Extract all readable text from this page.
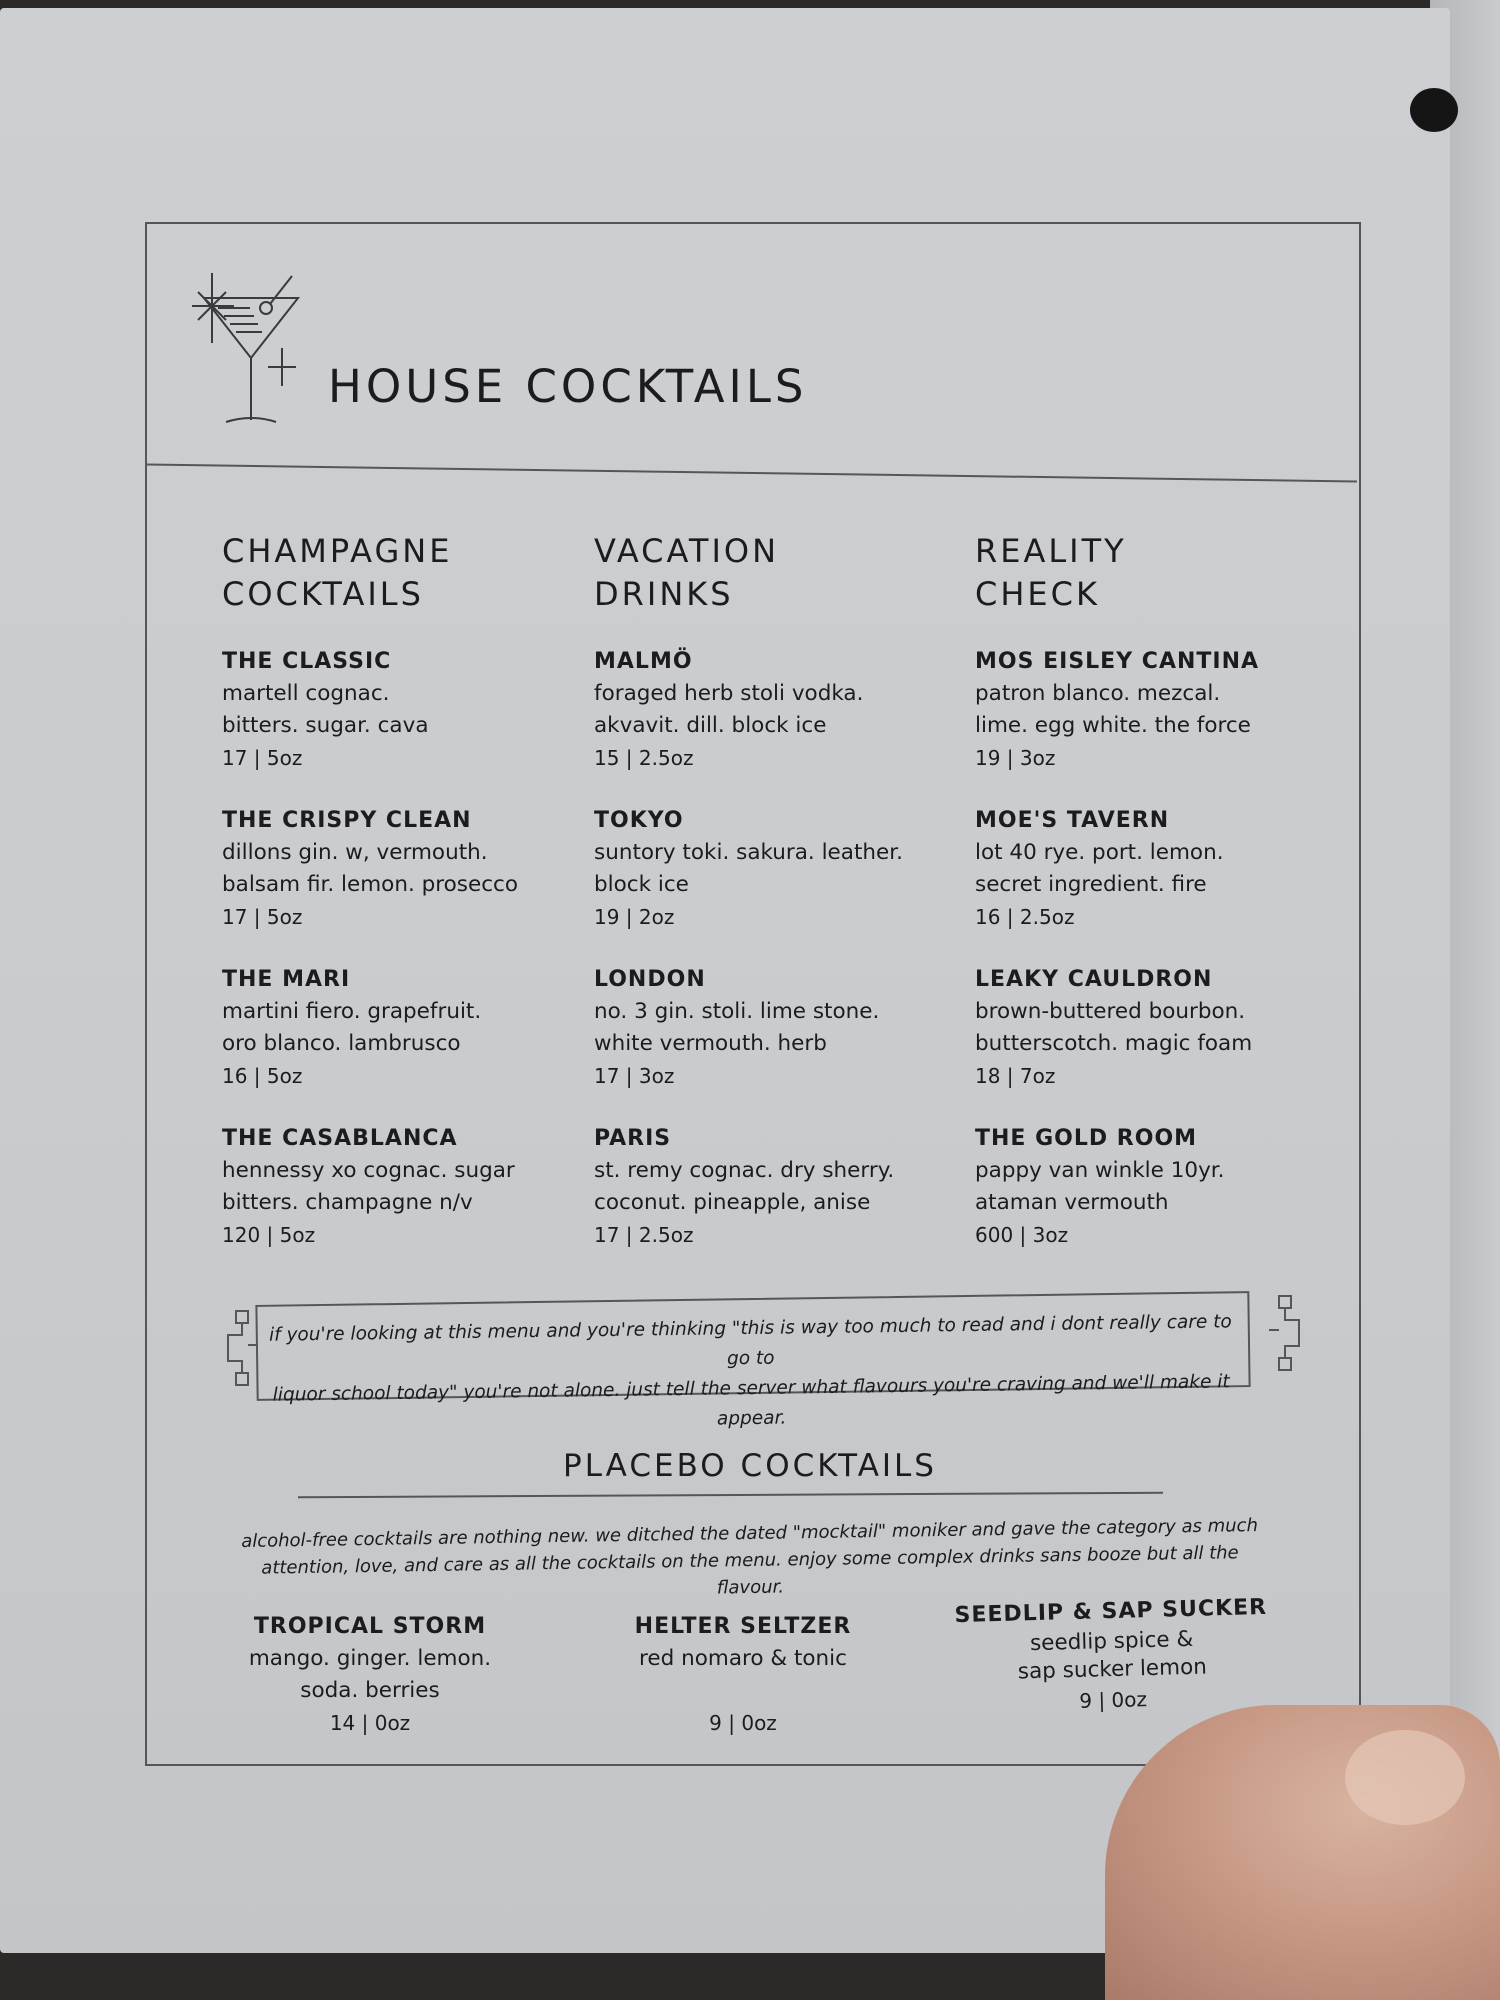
HOUSE COCKTAILS
CHAMPAGNE
COCKTAILS
THE CLASSIC
martell cognac.
bitters. sugar. cava
17 | 5oz
THE CRISPY CLEAN
dillons gin. w, vermouth.
balsam fir. lemon. prosecco
17 | 5oz
THE MARI
martini fiero. grapefruit.
oro blanco. lambrusco
16 | 5oz
THE CASABLANCA
hennessy xo cognac. sugar
bitters. champagne n/v
120 | 5oz
VACATION
DRINKS
MALMÖ
foraged herb stoli vodka.
akvavit. dill. block ice
15 | 2.5oz
TOKYO
suntory toki. sakura. leather.
block ice
19 | 2oz
LONDON
no. 3 gin. stoli. lime stone.
white vermouth. herb
17 | 3oz
PARIS
st. remy cognac. dry sherry.
coconut. pineapple, anise
17 | 2.5oz
REALITY
CHECK
MOS EISLEY CANTINA
patron blanco. mezcal.
lime. egg white. the force
19 | 3oz
MOE'S TAVERN
lot 40 rye. port. lemon.
secret ingredient. fire
16 | 2.5oz
LEAKY CAULDRON
brown-buttered bourbon.
butterscotch. magic foam
18 | 7oz
THE GOLD ROOM
pappy van winkle 10yr.
ataman vermouth
600 | 3oz
if you're looking at this menu and you're thinking "this is way too much to read and i dont really care to go to
liquor school today" you're not alone. just tell the server what flavours you're craving and we'll make it appear.
PLACEBO COCKTAILS
alcohol-free cocktails are nothing new. we ditched the dated "mocktail" moniker and gave the category as much
attention, love, and care as all the cocktails on the menu. enjoy some complex drinks sans booze but all the flavour.
TROPICAL STORM
mango. ginger. lemon.
soda. berries
14 | 0oz
HELTER SELTZER
red nomaro & tonic
9 | 0oz
SEEDLIP & SAP SUCKER
seedlip spice &
sap sucker lemon
9 | 0oz
